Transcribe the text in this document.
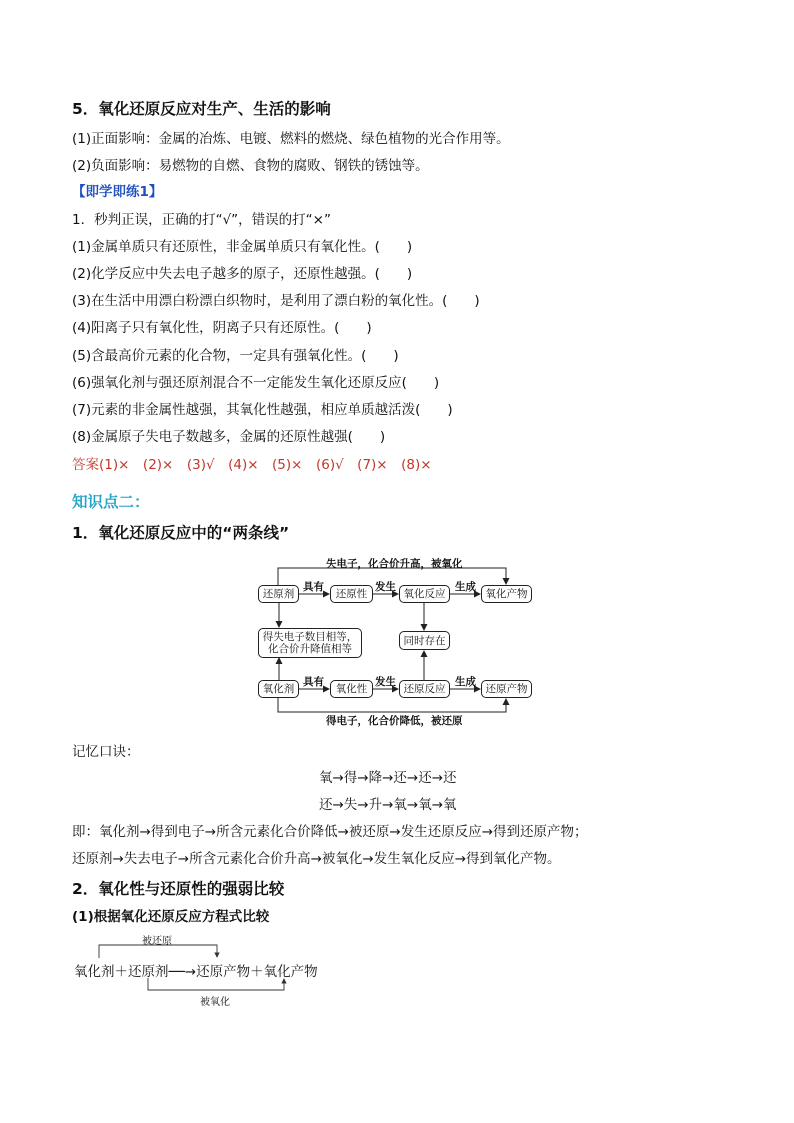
5．氧化还原反应对生产、生活的影响
(1)正面影响：金属的冶炼、电镀、燃料的燃烧、绿色植物的光合作用等。
(2)负面影响：易燃物的自燃、食物的腐败、钢铁的锈蚀等。
【即学即练1】
1．秒判正误，正确的打“√”，错误的打“×”
(1)金属单质只有还原性，非金属单质只有氧化性。(　　)
(2)化学反应中失去电子越多的原子，还原性越强。(　　)
(3)在生活中用漂白粉漂白织物时，是利用了漂白粉的氧化性。(　　)
(4)阳离子只有氧化性，阴离子只有还原性。(　　)
(5)含最高价元素的化合物，一定具有强氧化性。(　　)
(6)强氧化剂与强还原剂混合不一定能发生氧化还原反应(　　)
(7)元素的非金属性越强，其氧化性越强，相应单质越活泼(　　)
(8)金属原子失电子数越多，金属的还原性越强(　　)
答案(1)×　(2)×　(3)√　(4)×　(5)×　(6)√　(7)×　(8)×
知识点二：
1．氧化还原反应中的“两条线”
失电子，化合价升高，被氧化
还原剂
具有
还原性
发生
氧化反应
生成
氧化产物
得失电子数目相等，化合价升降值相等
同时存在
氧化剂
具有
氧化性
发生
还原反应
生成
还原产物
得电子，化合价降低，被还原
记忆口诀：
氧→得→降→还→还→还
还→失→升→氧→氧→氧
即：氧化剂→得到电子→所含元素化合价降低→被还原→发生还原反应→得到还原产物；
还原剂→失去电子→所含元素化合价升高→被氧化→发生氧化反应→得到氧化产物。
2．氧化性与还原性的强弱比较
(1)根据氧化还原反应方程式比较
被还原
氧化剂＋还原剂──→还原产物＋氧化产物
被氧化
